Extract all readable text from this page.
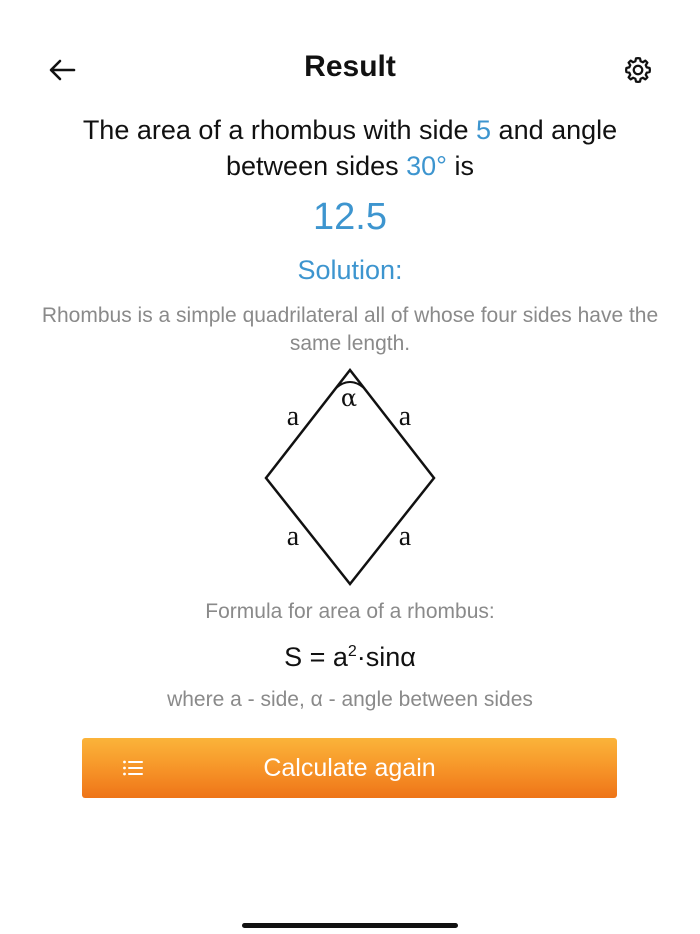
Result
The area of a rhombus with side 5 and angle between sides 30° is
12.5
Solution:
Rhombus is a simple quadrilateral all of whose four sides have the same length.
α
a	a
a	a
Formula for area of a rhombus:
$S = a^2\cdot\sin\alpha$
where a - side, α - angle between sides
Calculate again
